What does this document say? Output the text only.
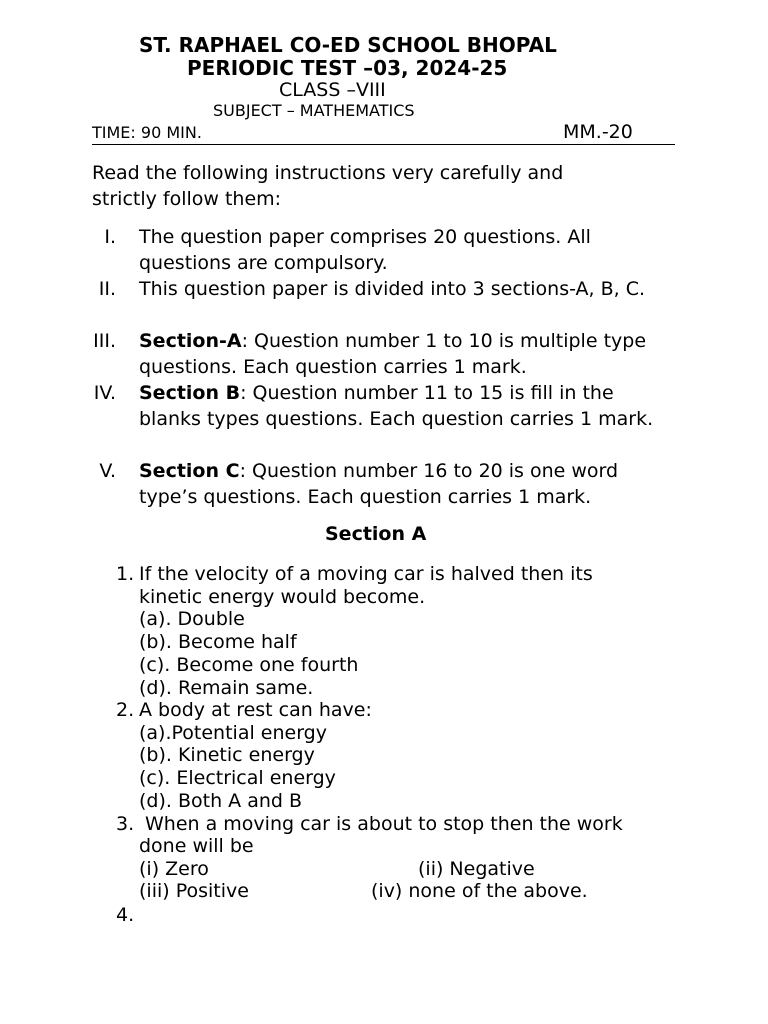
ST. RAPHAEL CO-ED SCHOOL BHOPAL
PERIODIC TEST –03, 2024-25
CLASS –VIII
SUBJECT – MATHEMATICS
TIME: 90 MIN.	MM.-20
Read the following instructions very carefully and
strictly follow them:
I. The question paper comprises 20 questions. All questions are compulsory.
II. This question paper is divided into 3 sections-A, B, C.
III. Section-A: Question number 1 to 10 is multiple type questions. Each question carries 1 mark.
IV. Section B: Question number 11 to 15 is fill in the blanks types questions. Each question carries 1 mark.
V. Section C: Question number 16 to 20 is one word type’s questions. Each question carries 1 mark.
Section A
1. If the velocity of a moving car is halved then its
kinetic energy would become.
(a). Double
(b). Become half
(c). Become one fourth
(d). Remain same.
2. A body at rest can have:
(a).Potential energy
(b). Kinetic energy
(c). Electrical energy
(d). Both A and B
3. When a moving car is about to stop then the work
done will be
(i) Zero	(ii) Negative
(iii) Positive	(iv) none of the above.
4.
